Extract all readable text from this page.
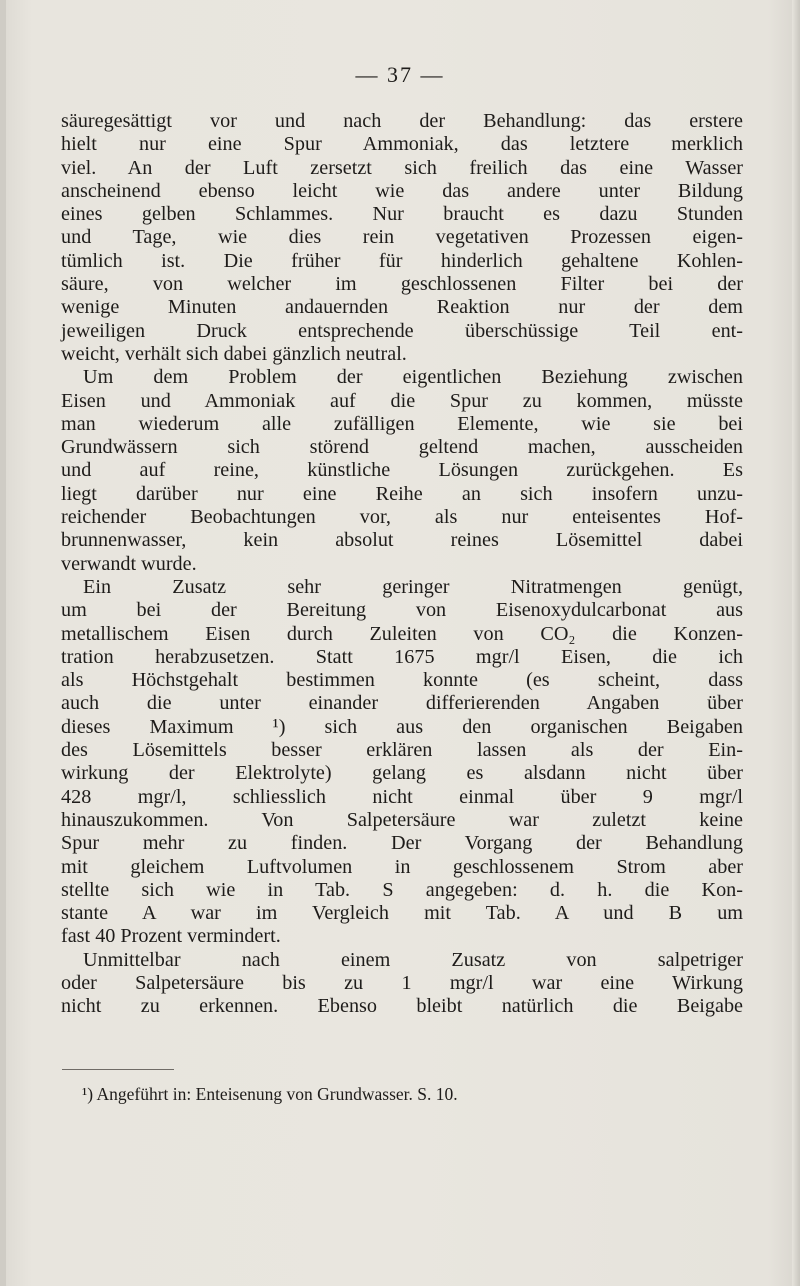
— 37 —
säuregesättigt vor und nach der Behandlung: das erstere
hielt nur eine Spur Ammoniak, das letztere merklich
viel. An der Luft zersetzt sich freilich das eine Wasser
anscheinend ebenso leicht wie das andere unter Bildung
eines gelben Schlammes. Nur braucht es dazu Stunden
und Tage, wie dies rein vegetativen Prozessen eigen-
tümlich ist. Die früher für hinderlich gehaltene Kohlen-
säure, von welcher im geschlossenen Filter bei der
wenige Minuten andauernden Reaktion nur der dem
jeweiligen Druck entsprechende überschüssige Teil ent-
weicht, verhält sich dabei gänzlich neutral.
Um dem Problem der eigentlichen Beziehung zwischen
Eisen und Ammoniak auf die Spur zu kommen, müsste
man wiederum alle zufälligen Elemente, wie sie bei
Grundwässern sich störend geltend machen, ausscheiden
und auf reine, künstliche Lösungen zurückgehen. Es
liegt darüber nur eine Reihe an sich insofern unzu-
reichender Beobachtungen vor, als nur enteisentes Hof-
brunnenwasser, kein absolut reines Lösemittel dabei
verwandt wurde.
Ein Zusatz sehr geringer Nitratmengen genügt,
um bei der Bereitung von Eisenoxydulcarbonat aus
metallischem Eisen durch Zuleiten von CO₂ die Konzen-
tration herabzusetzen. Statt 1675 mgr/l Eisen, die ich
als Höchstgehalt bestimmen konnte (es scheint, dass
auch die unter einander differierenden Angaben über
dieses Maximum ¹) sich aus den organischen Beigaben
des Lösemittels besser erklären lassen als der Ein-
wirkung der Elektrolyte) gelang es alsdann nicht über
428 mgr/l, schliesslich nicht einmal über 9 mgr/l
hinauszukommen. Von Salpetersäure war zuletzt keine
Spur mehr zu finden. Der Vorgang der Behandlung
mit gleichem Luftvolumen in geschlossenem Strom aber
stellte sich wie in Tab. S angegeben: d. h. die Kon-
stante A war im Vergleich mit Tab. A und B um
fast 40 Prozent vermindert.
Unmittelbar nach einem Zusatz von salpetriger
oder Salpetersäure bis zu 1 mgr/l war eine Wirkung
nicht zu erkennen. Ebenso bleibt natürlich die Beigabe
¹) Angeführt in: Enteisenung von Grundwasser. S. 10.
